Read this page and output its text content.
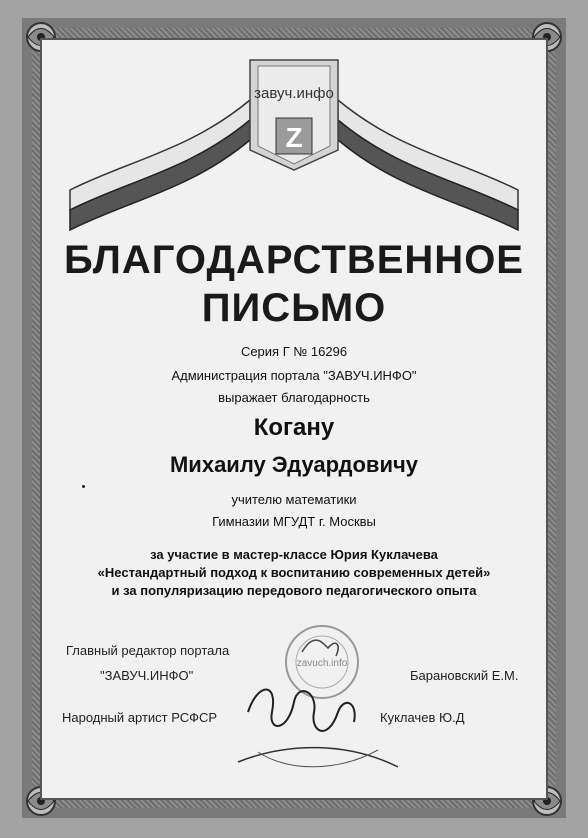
Z
завуч.инфо
БЛАГОДАРСТВЕННОЕ
ПИСЬМО
Серия Г № 16296
Администрация портала "ЗАВУЧ.ИНФО"
выражает благодарность
Когану
Михаилу Эдуардовичу
учителю математики
Гимназии МГУДТ г. Москвы
за участие в мастер-классе Юрия Куклачева
«Нестандартный подход к воспитанию современных детей»
и за популяризацию передового педагогического опыта
zavuch.info
Главный редактор портала
"ЗАВУЧ.ИНФО"	Барановский Е.М.
Народный артист РСФСР	Куклачев Ю.Д
